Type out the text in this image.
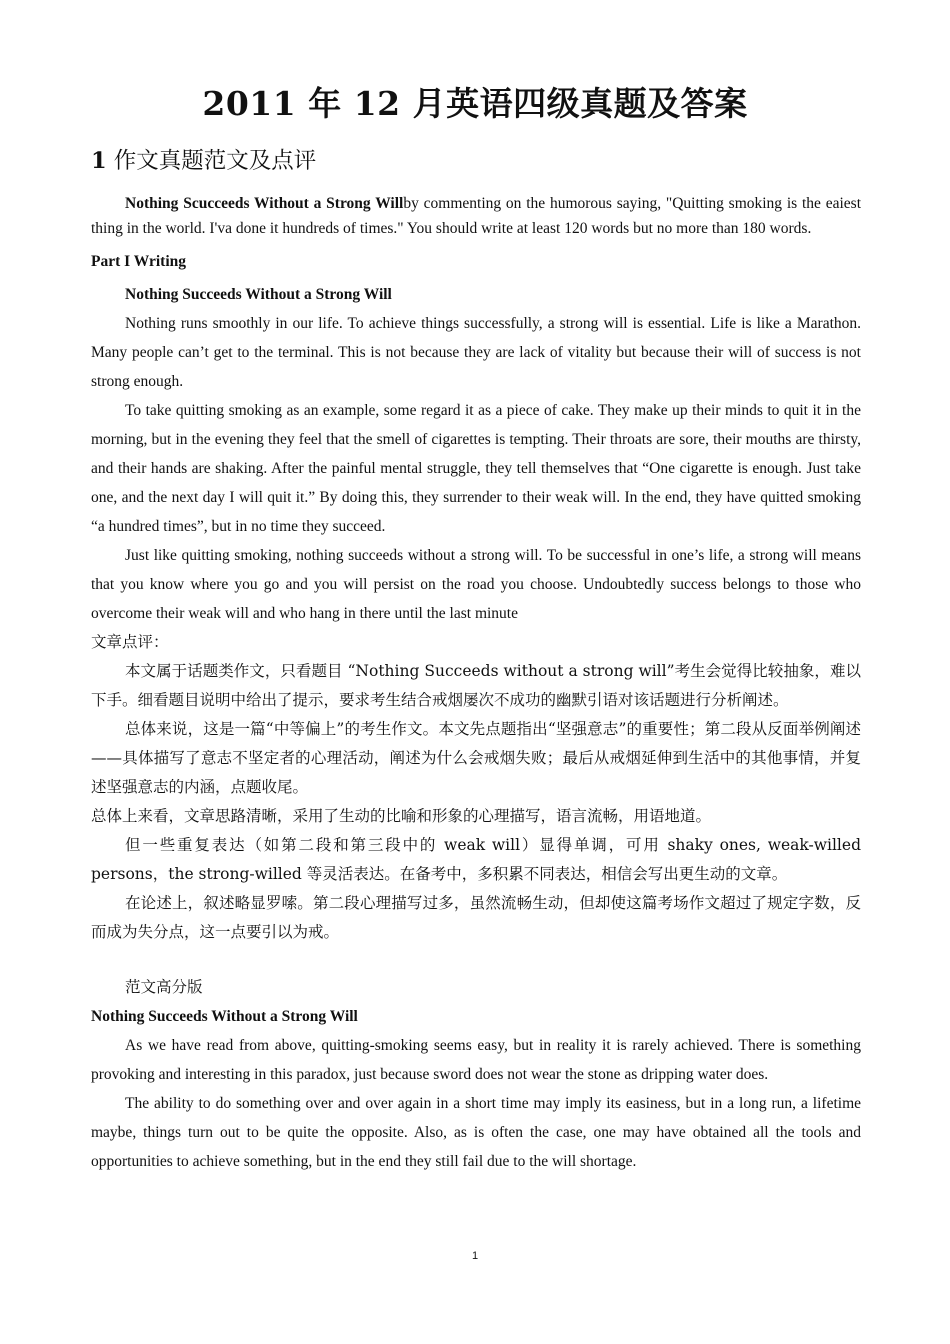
2011 年 12 月英语四级真题及答案
1 作文真题范文及点评

Nothing Scucceeds Without a Strong Willby commenting on the humorous saying, "Quitting smoking is the eaiest thing in the world. I'va done it hundreds of times." You should write at least 120 words but no more than 180 words.

Part I Writing

Nothing Succeeds Without a Strong Will

Nothing runs smoothly in our life. To achieve things successfully, a strong will is essential. Life is like a Marathon. Many people can’t get to the terminal. This is not because they are lack of vitality but because their will of success is not strong enough.

To take quitting smoking as an example, some regard it as a piece of cake. They make up their minds to quit it in the morning, but in the evening they feel that the smell of cigarettes is tempting. Their throats are sore, their mouths are thirsty, and their hands are shaking. After the painful mental struggle, they tell themselves that “One cigarette is enough. Just take one, and the next day I will quit it.” By doing this, they surrender to their weak will. In the end, they have quitted smoking “a hundred times”, but in no time they succeed.

Just like quitting smoking, nothing succeeds without a strong will. To be successful in one’s life, a strong will means that you know where you go and you will persist on the road you choose. Undoubtedly success belongs to those who overcome their weak will and who hang in there until the last minute

文章点评：

本文属于话题类作文，只看题目 “Nothing Succeeds without a strong will”考生会觉得比较抽象，难以下手。细看题目说明中给出了提示，要求考生结合戒烟屡次不成功的幽默引语对该话题进行分析阐述。

总体来说，这是一篇“中等偏上”的考生作文。本文先点题指出“坚强意志”的重要性；第二段从反面举例阐述——具体描写了意志不坚定者的心理活动，阐述为什么会戒烟失败；最后从戒烟延伸到生活中的其他事情，并复述坚强意志的内涵，点题收尾。

总体上来看，文章思路清晰，采用了生动的比喻和形象的心理描写，语言流畅，用语地道。

但一些重复表达（如第二段和第三段中的 weak will）显得单调，可用 shaky ones, weak-willed persons，the strong-willed 等灵活表达。在备考中，多积累不同表达，相信会写出更生动的文章。

在论述上，叙述略显罗嗦。第二段心理描写过多，虽然流畅生动，但却使这篇考场作文超过了规定字数，反而成为失分点，这一点要引以为戒。

范文高分版

Nothing Succeeds Without a Strong Will

As we have read from above, quitting-smoking seems easy, but in reality it is rarely achieved. There is something provoking and interesting in this paradox, just because sword does not wear the stone as dripping water does.

The ability to do something over and over again in a short time may imply its easiness, but in a long run, a lifetime maybe, things turn out to be quite the opposite. Also, as is often the case, one may have obtained all the tools and opportunities to achieve something, but in the end they still fail due to the will shortage.

1
